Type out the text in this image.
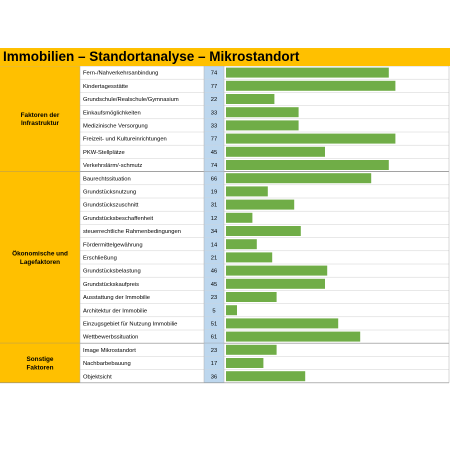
Immobilien – Standortanalyse – Mikrostandort
Faktoren der Infrastruktur
Fern-/Nahverkehrsanbindung	74
Kindertagesstätte	77
Grundschule/Realschule/Gymnasium	22
Einkaufsmöglichkeiten	33
Medizinische Versorgung	33
Freizeit- und Kultureinrichtungen	77
PKW-Stellplätze	45
Verkehrslärm/-schmutz	74
Ökonomische und Lagefaktoren
Baurechtssituation	66
Grundstücksnutzung	19
Grundstückszuschnitt	31
Grundstücksbeschaffenheit	12
steuerrechtliche Rahmenbedingungen	34
Fördermittelgewährung	14
Erschließung	21
Grundstücksbelastung	46
Grundstückskaufpreis	45
Ausstattung der Immobilie	23
Architektur der Immobilie	5
Einzugsgebiet für Nutzung Immobilie	51
Wettbewerbssituation	61
Sonstige Faktoren
Image Mikrostandort	23
Nachbarbebauung	17
Objektsicht	36
